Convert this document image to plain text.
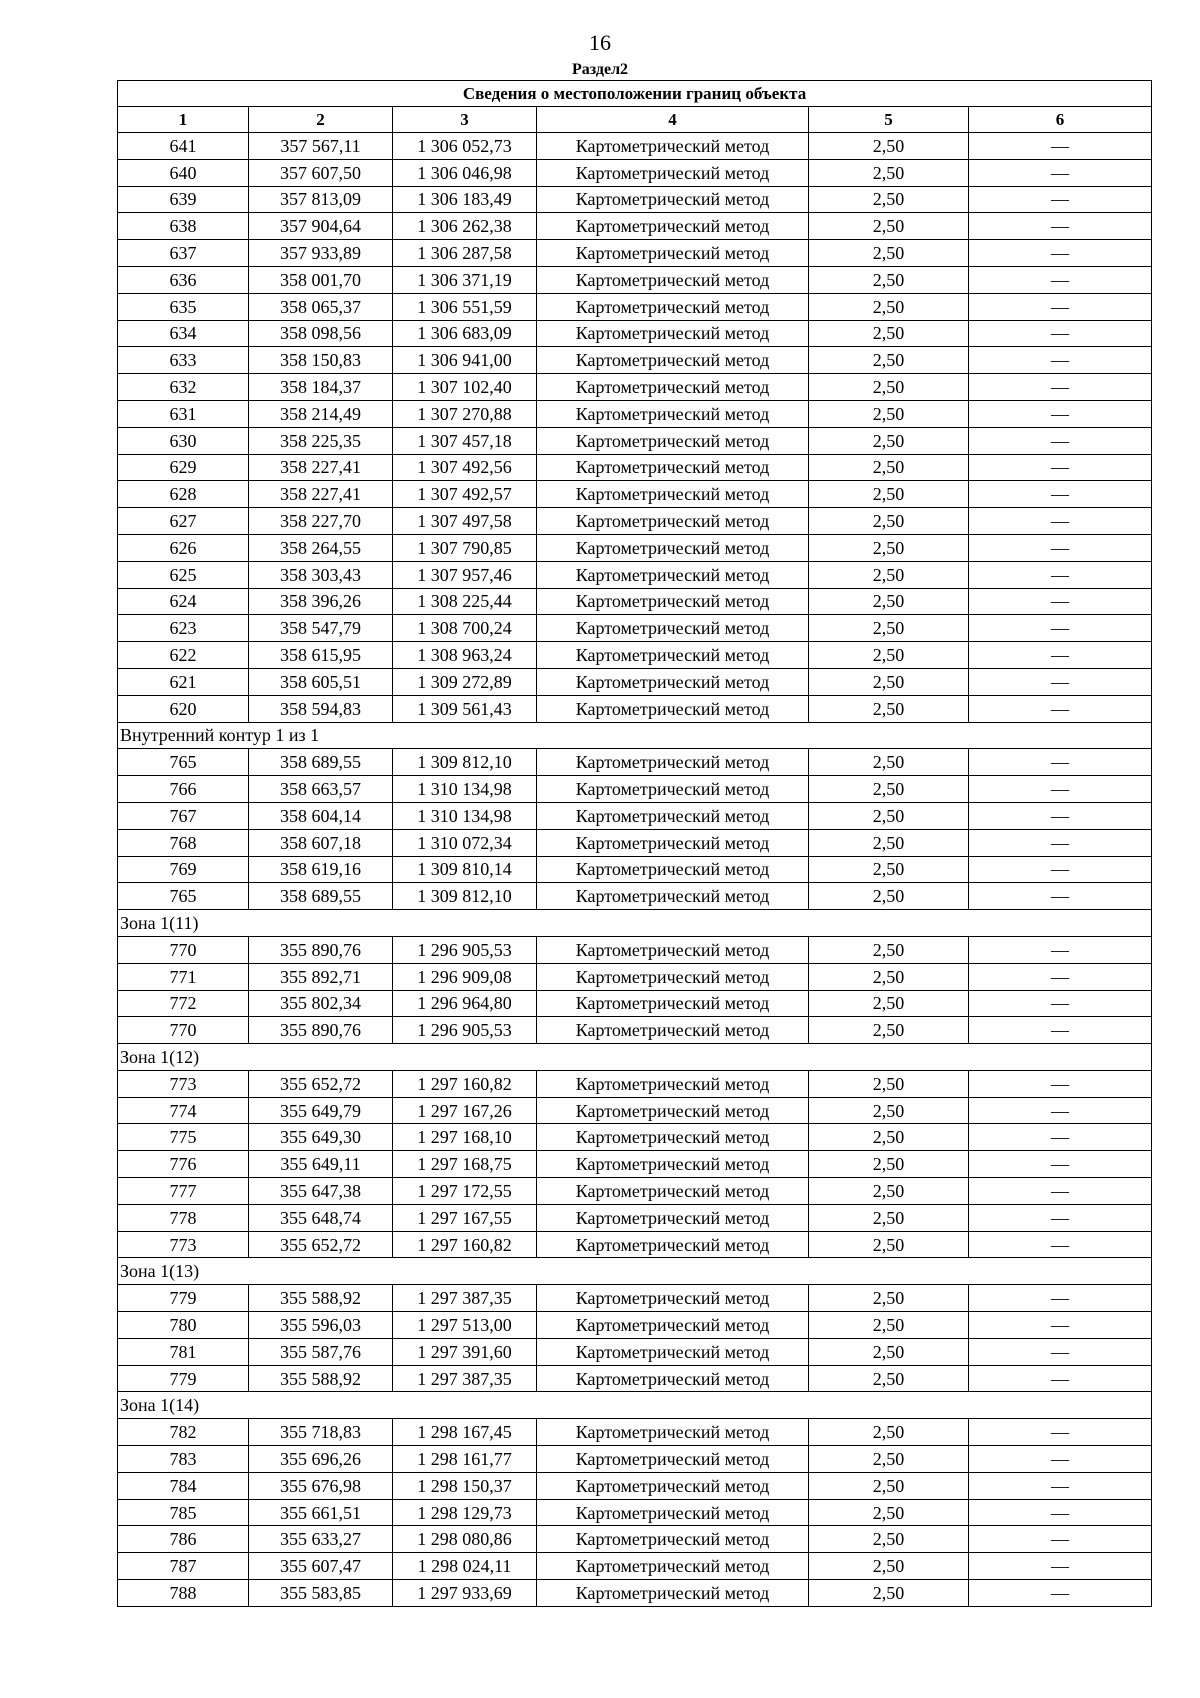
16
Раздел2
Сведения о местоположении границ объекта					
1	2	3	4	5	6
641	357 567,11	1 306 052,73	Картометрический метод	2,50	—
640	357 607,50	1 306 046,98	Картометрический метод	2,50	—
639	357 813,09	1 306 183,49	Картометрический метод	2,50	—
638	357 904,64	1 306 262,38	Картометрический метод	2,50	—
637	357 933,89	1 306 287,58	Картометрический метод	2,50	—
636	358 001,70	1 306 371,19	Картометрический метод	2,50	—
635	358 065,37	1 306 551,59	Картометрический метод	2,50	—
634	358 098,56	1 306 683,09	Картометрический метод	2,50	—
633	358 150,83	1 306 941,00	Картометрический метод	2,50	—
632	358 184,37	1 307 102,40	Картометрический метод	2,50	—
631	358 214,49	1 307 270,88	Картометрический метод	2,50	—
630	358 225,35	1 307 457,18	Картометрический метод	2,50	—
629	358 227,41	1 307 492,56	Картометрический метод	2,50	—
628	358 227,41	1 307 492,57	Картометрический метод	2,50	—
627	358 227,70	1 307 497,58	Картометрический метод	2,50	—
626	358 264,55	1 307 790,85	Картометрический метод	2,50	—
625	358 303,43	1 307 957,46	Картометрический метод	2,50	—
624	358 396,26	1 308 225,44	Картометрический метод	2,50	—
623	358 547,79	1 308 700,24	Картометрический метод	2,50	—
622	358 615,95	1 308 963,24	Картометрический метод	2,50	—
621	358 605,51	1 309 272,89	Картометрический метод	2,50	—
620	358 594,83	1 309 561,43	Картометрический метод	2,50	—
Внутренний контур 1 из 1					
765	358 689,55	1 309 812,10	Картометрический метод	2,50	—
766	358 663,57	1 310 134,98	Картометрический метод	2,50	—
767	358 604,14	1 310 134,98	Картометрический метод	2,50	—
768	358 607,18	1 310 072,34	Картометрический метод	2,50	—
769	358 619,16	1 309 810,14	Картометрический метод	2,50	—
765	358 689,55	1 309 812,10	Картометрический метод	2,50	—
Зона 1(11)					
770	355 890,76	1 296 905,53	Картометрический метод	2,50	—
771	355 892,71	1 296 909,08	Картометрический метод	2,50	—
772	355 802,34	1 296 964,80	Картометрический метод	2,50	—
770	355 890,76	1 296 905,53	Картометрический метод	2,50	—
Зона 1(12)					
773	355 652,72	1 297 160,82	Картометрический метод	2,50	—
774	355 649,79	1 297 167,26	Картометрический метод	2,50	—
775	355 649,30	1 297 168,10	Картометрический метод	2,50	—
776	355 649,11	1 297 168,75	Картометрический метод	2,50	—
777	355 647,38	1 297 172,55	Картометрический метод	2,50	—
778	355 648,74	1 297 167,55	Картометрический метод	2,50	—
773	355 652,72	1 297 160,82	Картометрический метод	2,50	—
Зона 1(13)					
779	355 588,92	1 297 387,35	Картометрический метод	2,50	—
780	355 596,03	1 297 513,00	Картометрический метод	2,50	—
781	355 587,76	1 297 391,60	Картометрический метод	2,50	—
779	355 588,92	1 297 387,35	Картометрический метод	2,50	—
Зона 1(14)					
782	355 718,83	1 298 167,45	Картометрический метод	2,50	—
783	355 696,26	1 298 161,77	Картометрический метод	2,50	—
784	355 676,98	1 298 150,37	Картометрический метод	2,50	—
785	355 661,51	1 298 129,73	Картометрический метод	2,50	—
786	355 633,27	1 298 080,86	Картометрический метод	2,50	—
787	355 607,47	1 298 024,11	Картометрический метод	2,50	—
788	355 583,85	1 297 933,69	Картометрический метод	2,50	—
